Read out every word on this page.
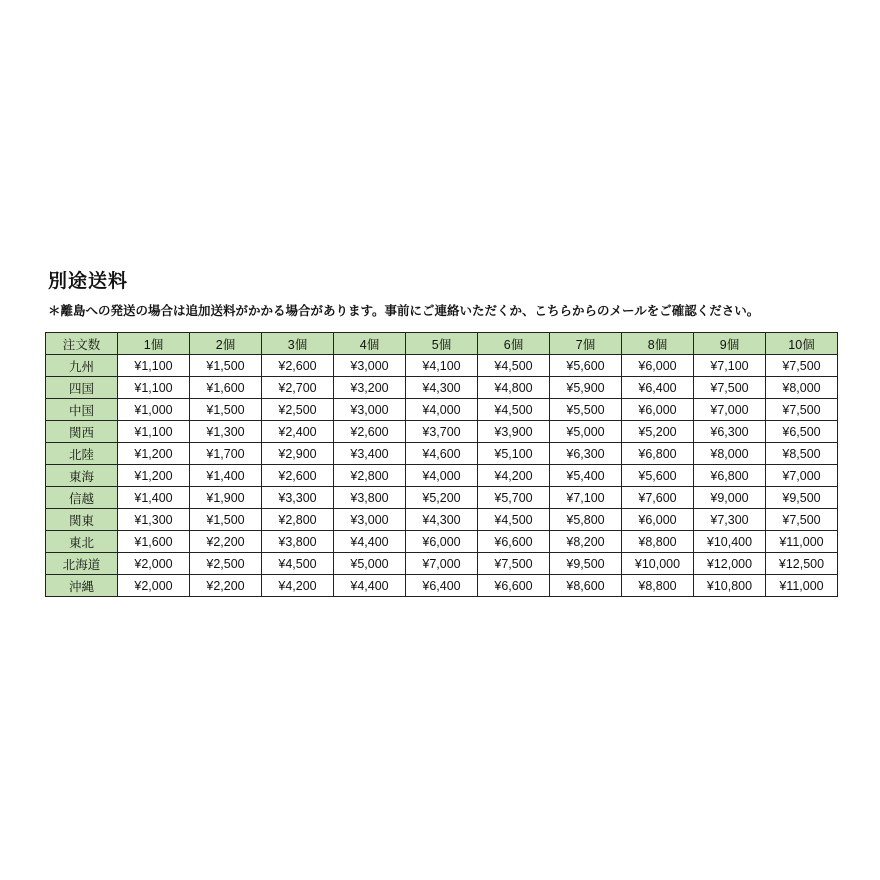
別途送料

＊離島への発送の場合は追加送料がかかる場合があります。事前にご連絡いただくか、こちらからのメールをご確認ください。

注文数	1個	2個	3個	4個	5個	6個	7個	8個	9個	10個
九州	¥1,100	¥1,500	¥2,600	¥3,000	¥4,100	¥4,500	¥5,600	¥6,000	¥7,100	¥7,500
四国	¥1,100	¥1,600	¥2,700	¥3,200	¥4,300	¥4,800	¥5,900	¥6,400	¥7,500	¥8,000
中国	¥1,000	¥1,500	¥2,500	¥3,000	¥4,000	¥4,500	¥5,500	¥6,000	¥7,000	¥7,500
関西	¥1,100	¥1,300	¥2,400	¥2,600	¥3,700	¥3,900	¥5,000	¥5,200	¥6,300	¥6,500
北陸	¥1,200	¥1,700	¥2,900	¥3,400	¥4,600	¥5,100	¥6,300	¥6,800	¥8,000	¥8,500
東海	¥1,200	¥1,400	¥2,600	¥2,800	¥4,000	¥4,200	¥5,400	¥5,600	¥6,800	¥7,000
信越	¥1,400	¥1,900	¥3,300	¥3,800	¥5,200	¥5,700	¥7,100	¥7,600	¥9,000	¥9,500
関東	¥1,300	¥1,500	¥2,800	¥3,000	¥4,300	¥4,500	¥5,800	¥6,000	¥7,300	¥7,500
東北	¥1,600	¥2,200	¥3,800	¥4,400	¥6,000	¥6,600	¥8,200	¥8,800	¥10,400	¥11,000
北海道	¥2,000	¥2,500	¥4,500	¥5,000	¥7,000	¥7,500	¥9,500	¥10,000	¥12,000	¥12,500
沖縄	¥2,000	¥2,200	¥4,200	¥4,400	¥6,400	¥6,600	¥8,600	¥8,800	¥10,800	¥11,000
